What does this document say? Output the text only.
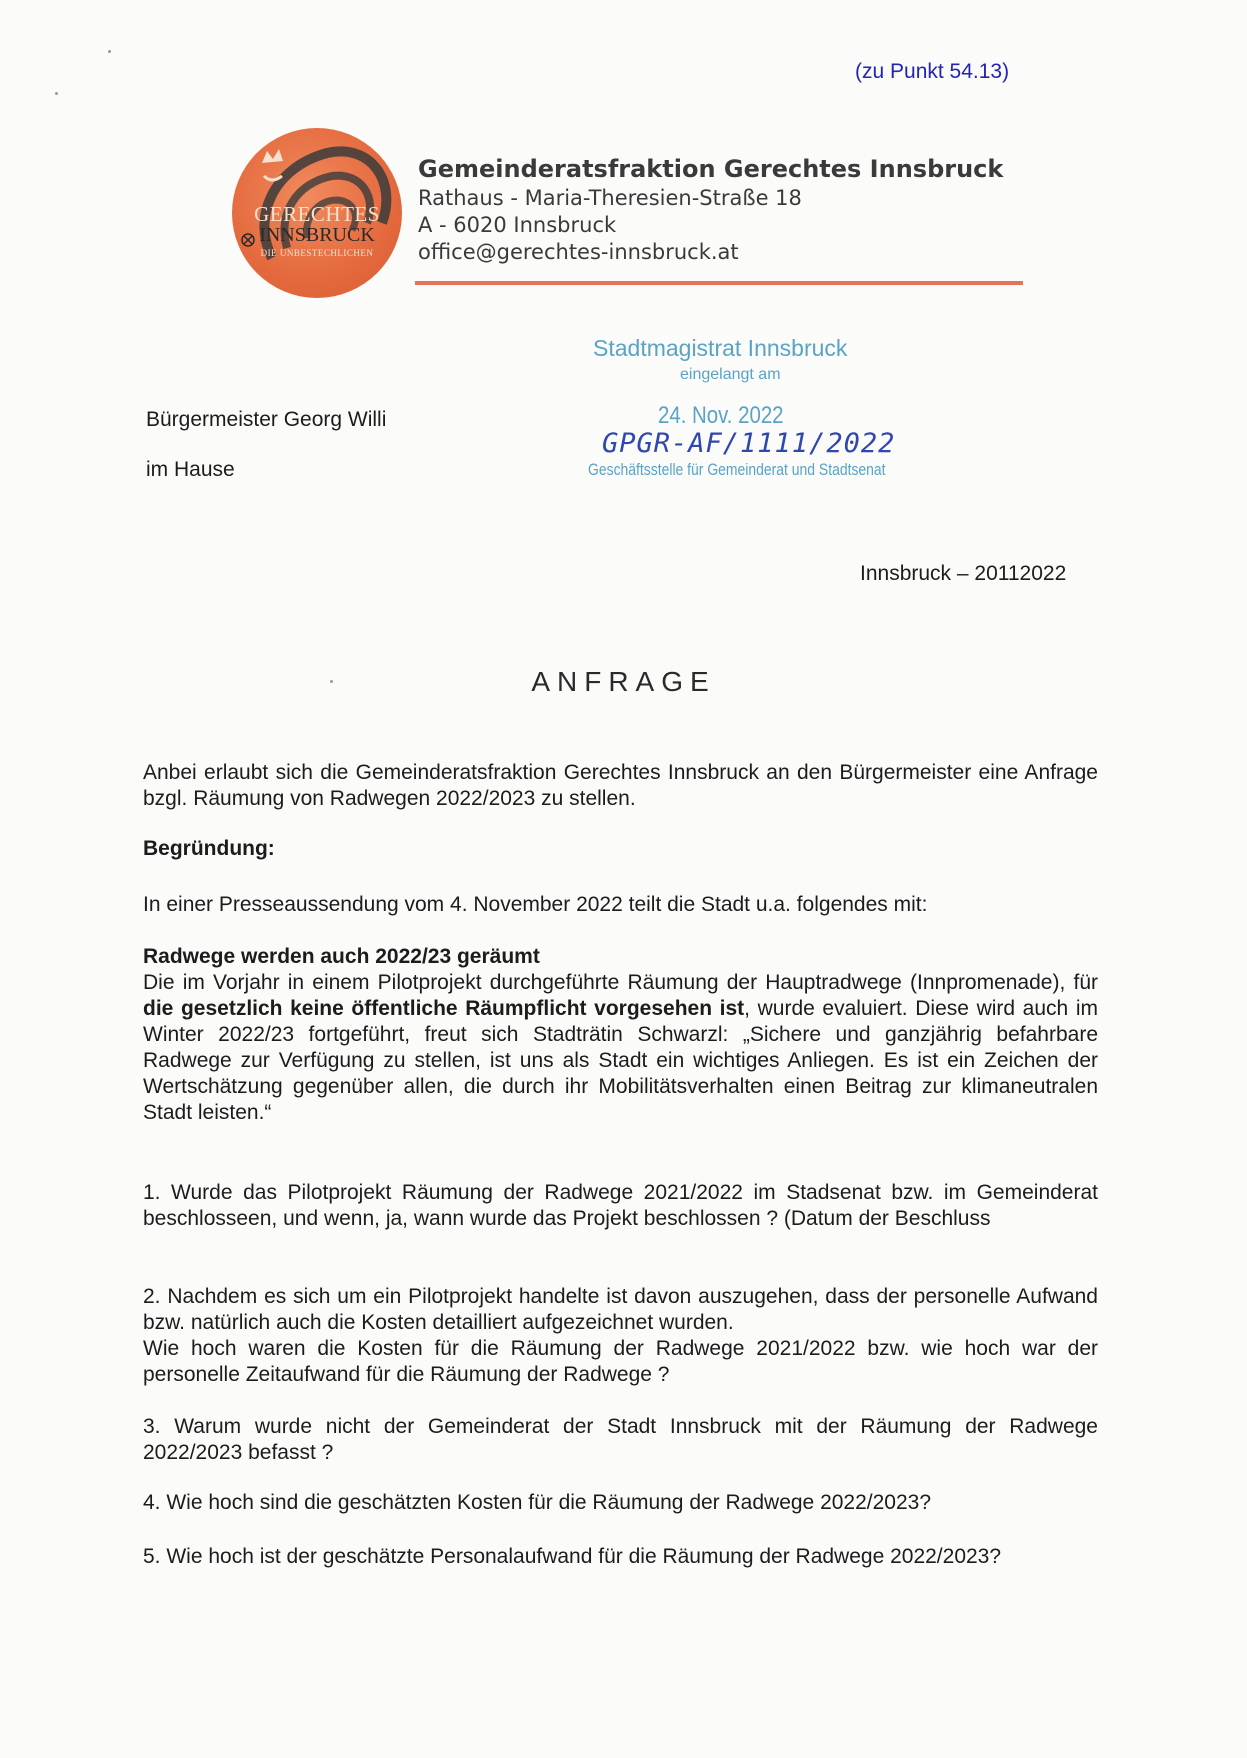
(zu Punkt 54.13)
GERECHTES
INNSBRUCK
DIE UNBESTECHLICHEN
Gemeinderatsfraktion Gerechtes Innsbruck
Rathaus - Maria-Theresien-Straße 18
A - 6020 Innsbruck
office@gerechtes-innsbruck.at
Stadtmagistrat Innsbruck
eingelangt am
24. Nov. 2022
GPGR-AF/1111/2022
Geschäftsstelle für Gemeinderat und Stadtsenat
Bürgermeister Georg Willi
im Hause
Innsbruck – 20112022
ANFRAGE
Anbei erlaubt sich die Gemeinderatsfraktion Gerechtes Innsbruck an den Bürgermeister eine Anfrage bzgl. Räumung von Radwegen 2022/2023 zu stellen.
Begründung:
In einer Presseaussendung vom 4. November 2022 teilt die Stadt u.a. folgendes mit:
Radwege werden auch 2022/23 geräumt
Die im Vorjahr in einem Pilotprojekt durchgeführte Räumung der Hauptradwege (Innpromenade), für die gesetzlich keine öffentliche Räumpflicht vorgesehen ist, wurde evaluiert. Diese wird auch im Winter 2022/23 fortgeführt, freut sich Stadträtin Schwarzl: „Sichere und ganzjährig befahrbare Radwege zur Verfügung zu stellen, ist uns als Stadt ein wichtiges Anliegen. Es ist ein Zeichen der Wertschätzung gegenüber allen, die durch ihr Mobilitätsverhalten einen Beitrag zur klimaneutralen Stadt leisten.“
1. Wurde das Pilotprojekt Räumung der Radwege 2021/2022 im Stadsenat bzw. im Gemeinderat beschlosseen, und wenn, ja, wann wurde das Projekt beschlossen ? (Datum der Beschluss
2. Nachdem es sich um ein Pilotprojekt handelte ist davon auszugehen, dass der personelle Aufwand bzw. natürlich auch die Kosten detailliert aufgezeichnet wurden.
Wie hoch waren die Kosten für die Räumung der Radwege 2021/2022 bzw. wie hoch war der personelle Zeitaufwand für die Räumung der Radwege ?
3. Warum wurde nicht der Gemeinderat der Stadt Innsbruck mit der Räumung der Radwege 2022/2023 befasst ?
4. Wie hoch sind die geschätzten Kosten für die Räumung der Radwege 2022/2023?
5. Wie hoch ist der geschätzte Personalaufwand für die Räumung der Radwege 2022/2023?
